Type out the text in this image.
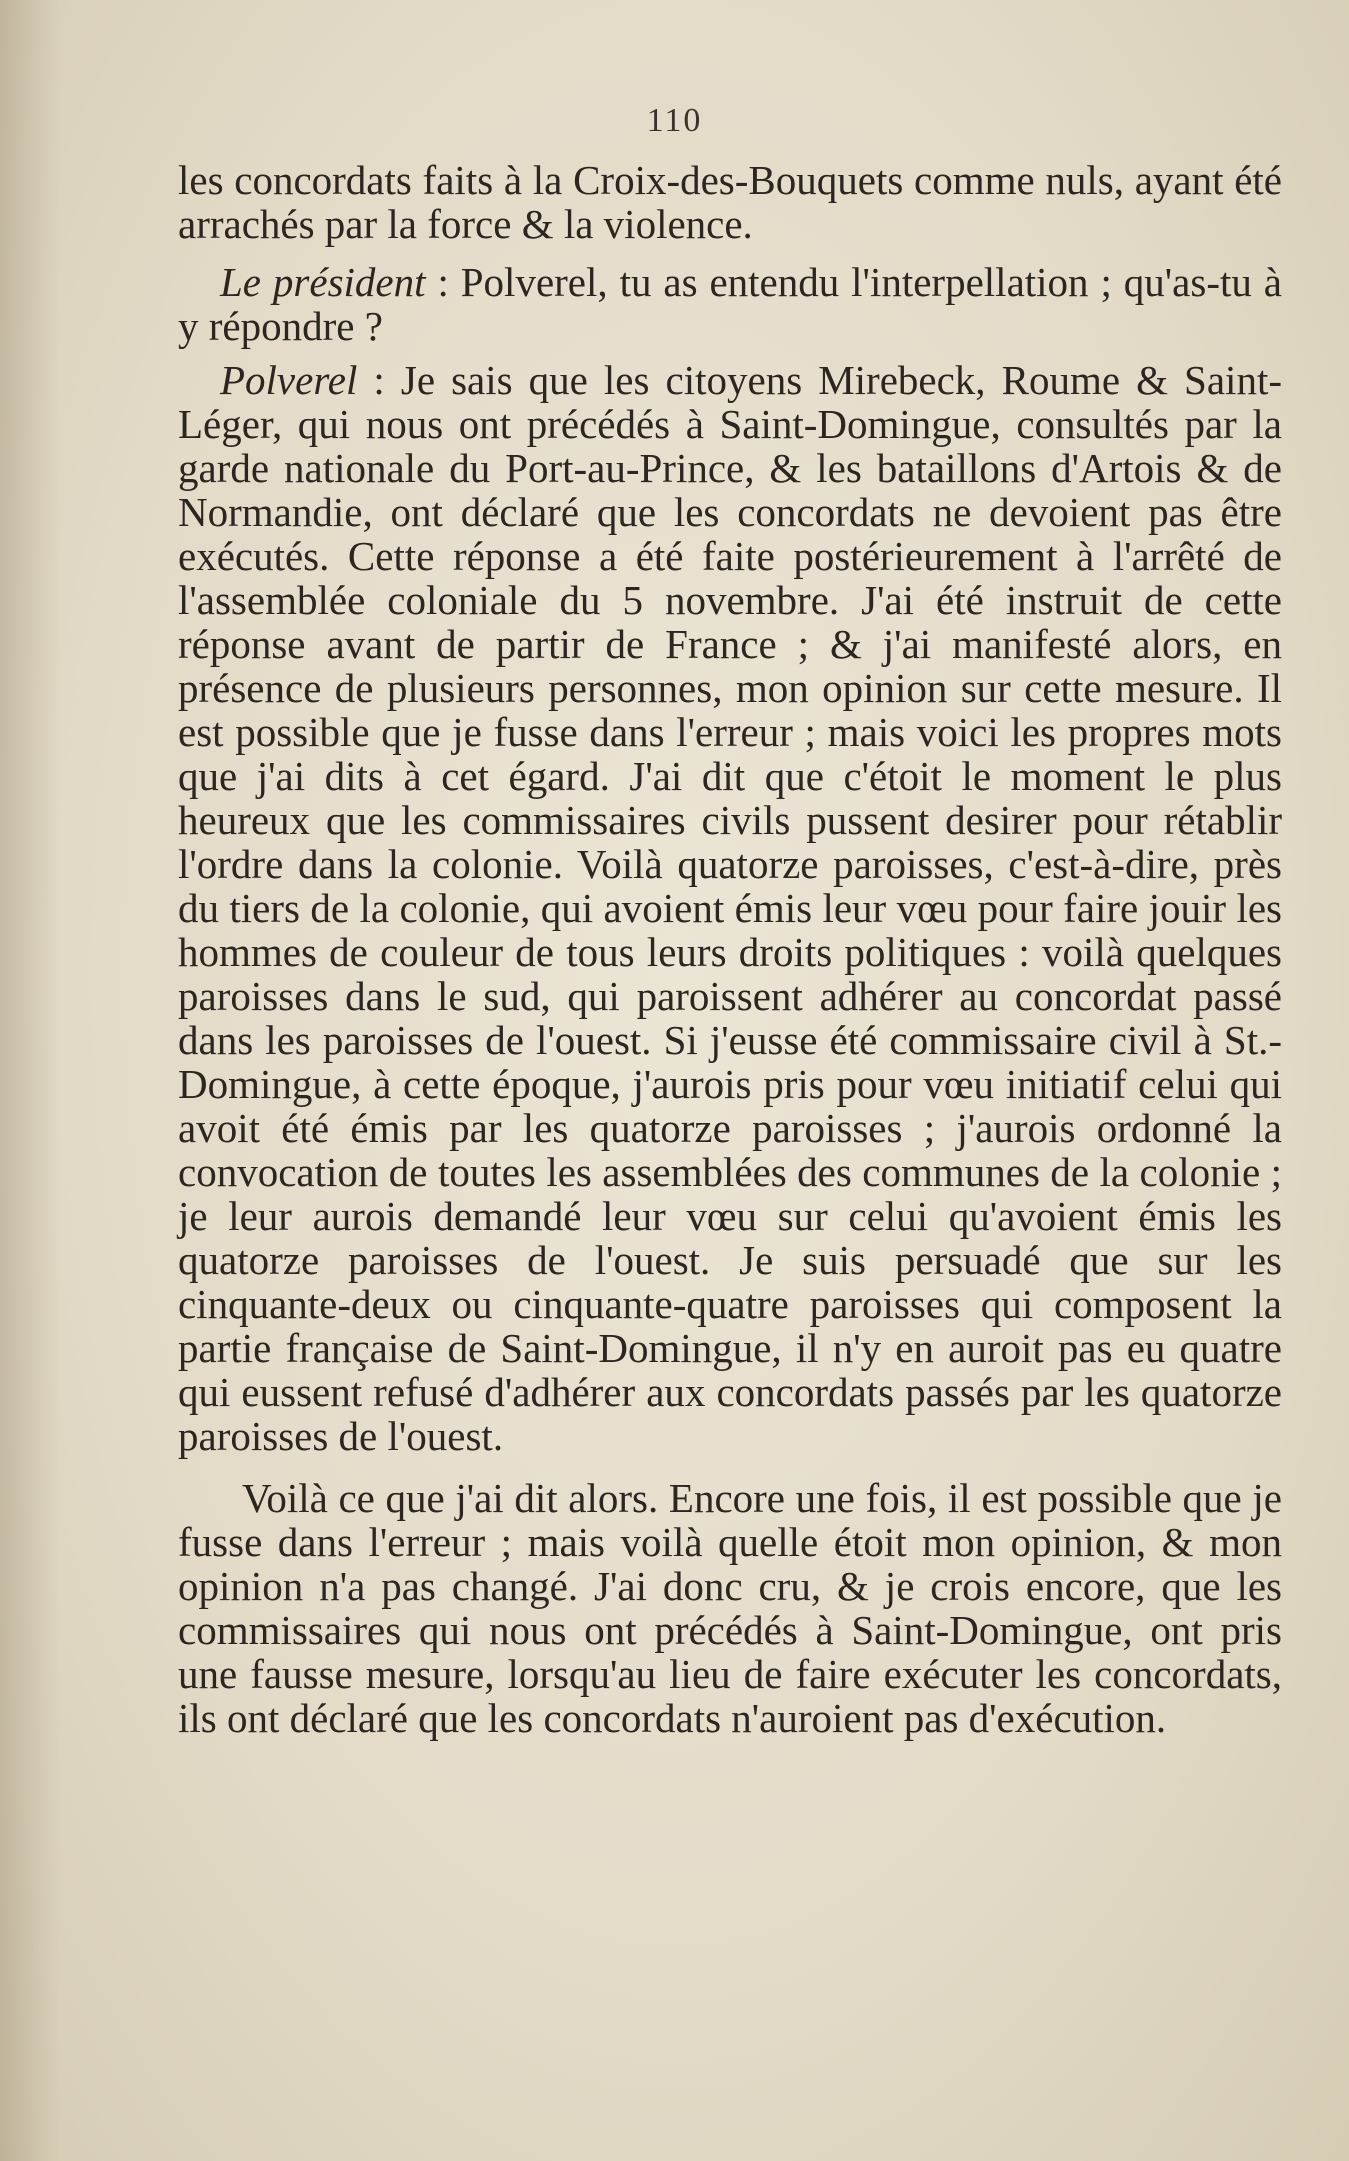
110

les concordats faits à la Croix-des-Bouquets comme nuls, ayant été arrachés par la force & la violence.

Le président : Polverel, tu as entendu l'interpellation ; qu'as-tu à y répondre ?

Polverel : Je sais que les citoyens Mirebeck, Roume & Saint-Léger, qui nous ont précédés à Saint-Domingue, consultés par la garde nationale du Port-au-Prince, & les bataillons d'Artois & de Normandie, ont déclaré que les concordats ne devoient pas être exécutés. Cette réponse a été faite postérieurement à l'arrêté de l'assemblée coloniale du 5 novembre. J'ai été instruit de cette réponse avant de partir de France ; & j'ai manifesté alors, en présence de plusieurs personnes, mon opinion sur cette mesure. Il est possible que je fusse dans l'erreur ; mais voici les propres mots que j'ai dits à cet égard. J'ai dit que c'étoit le moment le plus heureux que les commissaires civils pussent desirer pour rétablir l'ordre dans la colonie. Voilà quatorze paroisses, c'est-à-dire, près du tiers de la colonie, qui avoient émis leur vœu pour faire jouir les hommes de couleur de tous leurs droits politiques : voilà quelques paroisses dans le sud, qui paroissent adhérer au concordat passé dans les paroisses de l'ouest. Si j'eusse été commissaire civil à St.-Domingue, à cette époque, j'aurois pris pour vœu initiatif celui qui avoit été émis par les quatorze paroisses ; j'aurois ordonné la convocation de toutes les assemblées des communes de la colonie ; je leur aurois demandé leur vœu sur celui qu'avoient émis les quatorze paroisses de l'ouest. Je suis persuadé que sur les cinquante-deux ou cinquante-quatre paroisses qui composent la partie française de Saint-Domingue, il n'y en auroit pas eu quatre qui eussent refusé d'adhérer aux concordats passés par les quatorze paroisses de l'ouest.

Voilà ce que j'ai dit alors. Encore une fois, il est possible que je fusse dans l'erreur ; mais voilà quelle étoit mon opinion, & mon opinion n'a pas changé. J'ai donc cru, & je crois encore, que les commissaires qui nous ont précédés à Saint-Domingue, ont pris une fausse mesure, lorsqu'au lieu de faire exécuter les concordats, ils ont déclaré que les concordats n'auroient pas d'exécution.
